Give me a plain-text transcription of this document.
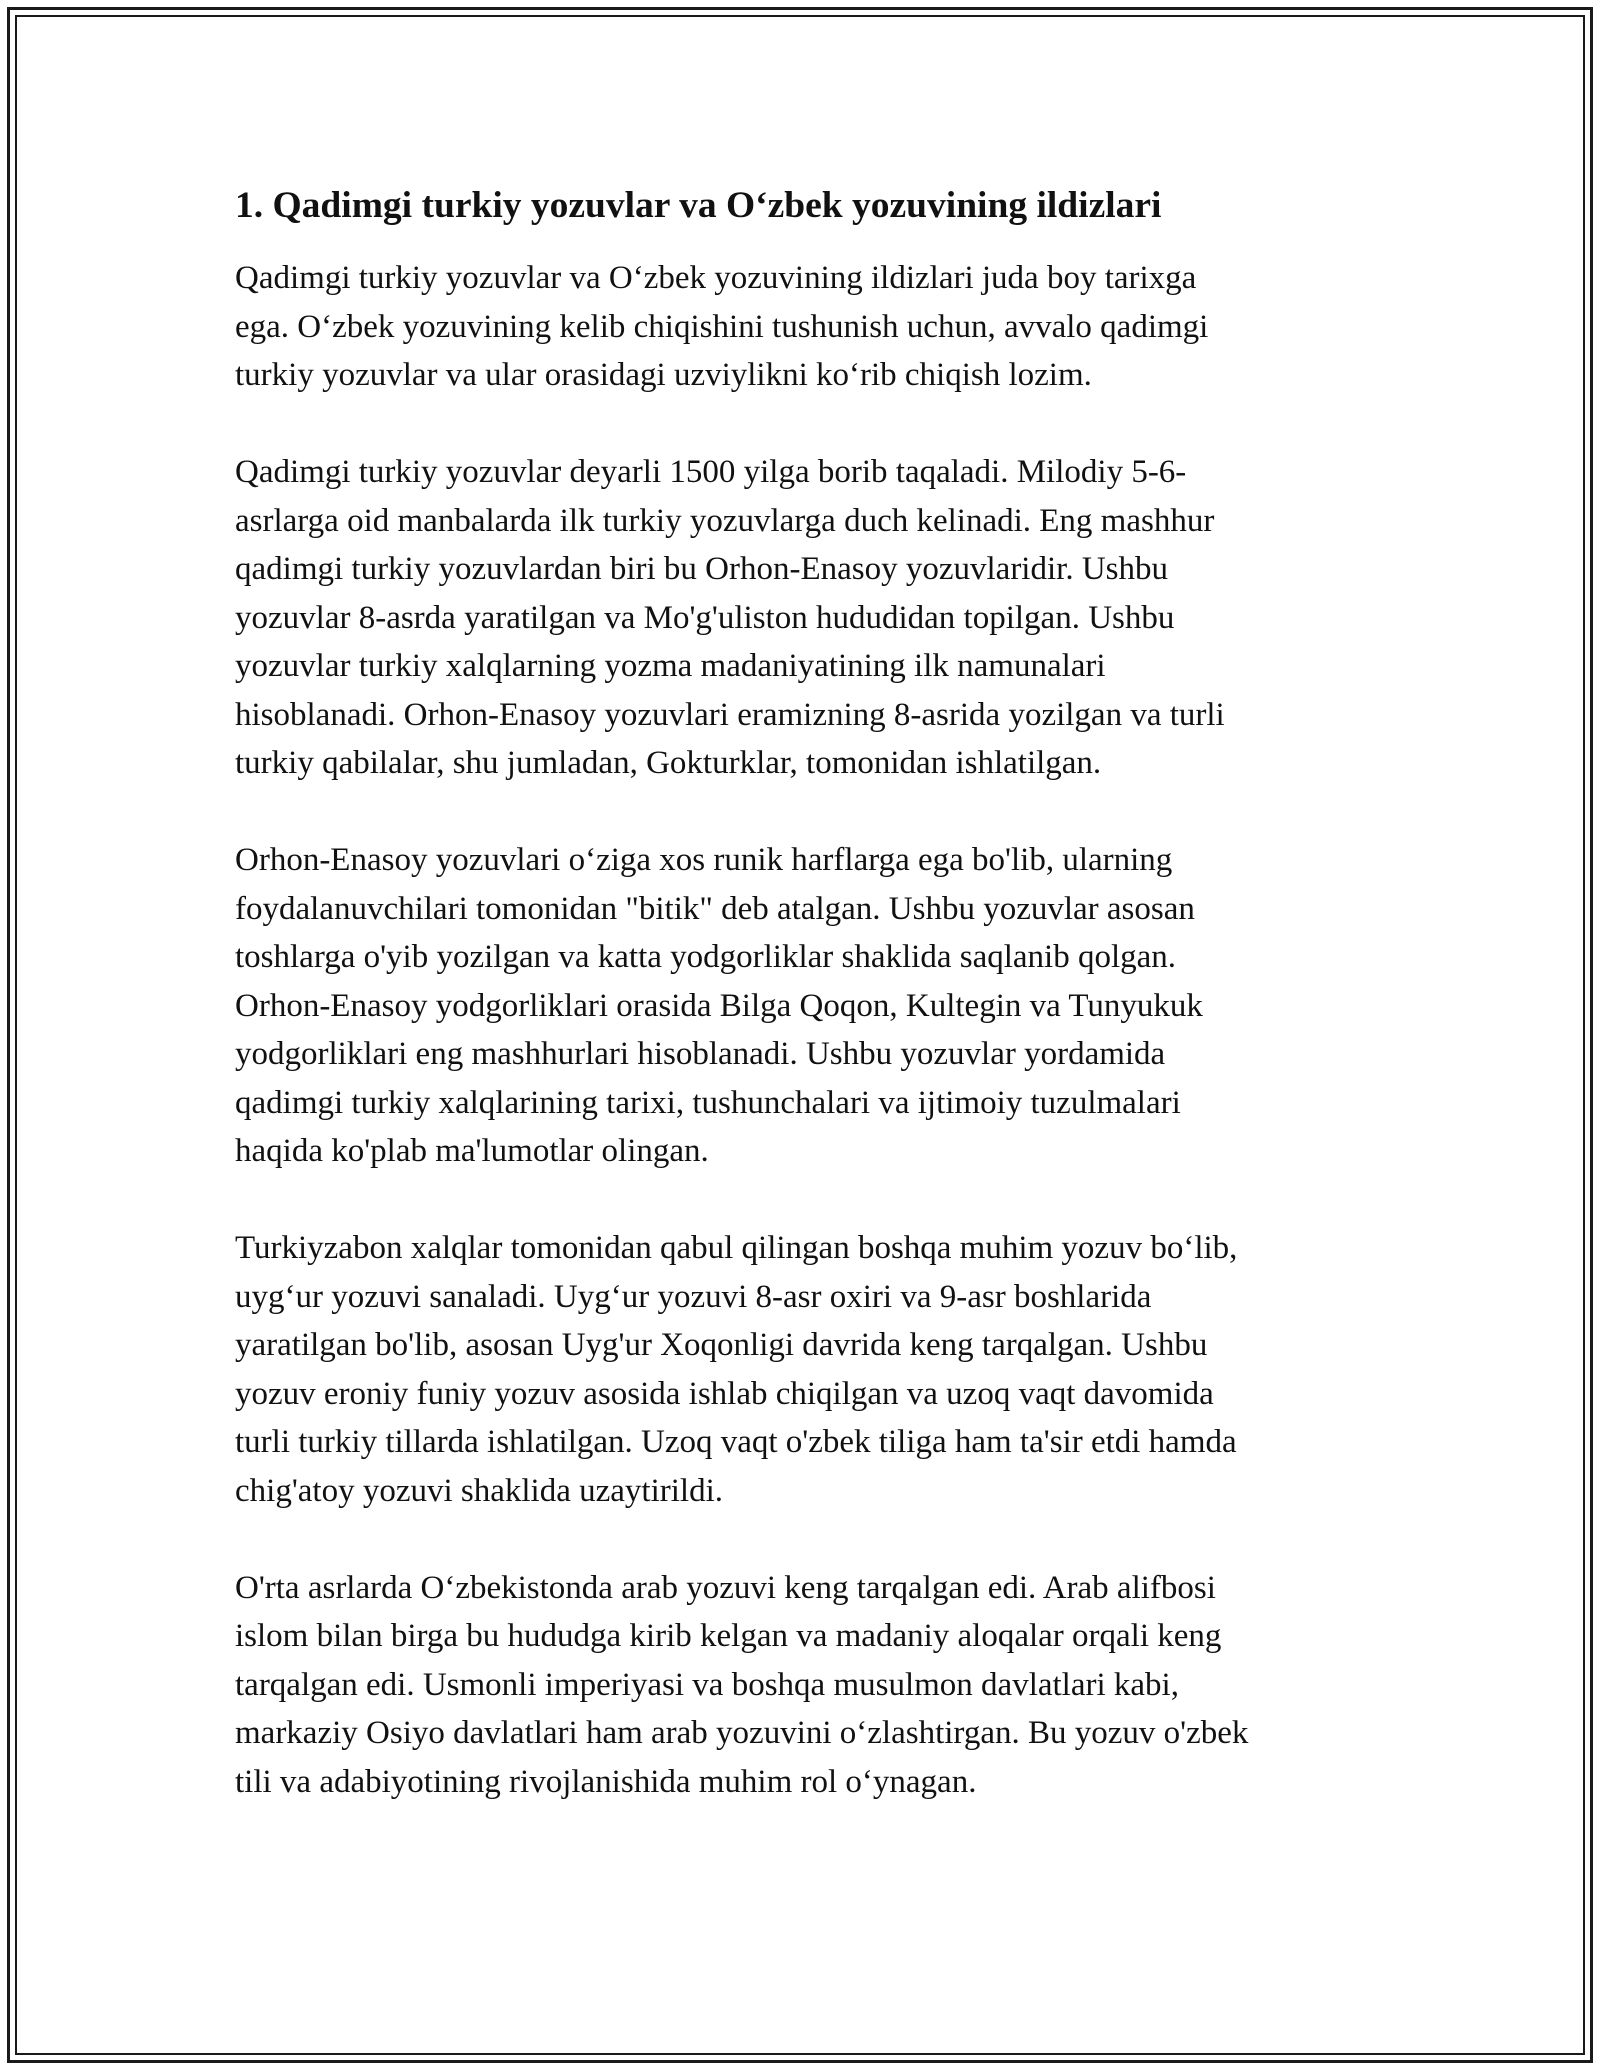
1. Qadimgi turkiy yozuvlar va O‘zbek yozuvining ildizlari

Qadimgi turkiy yozuvlar va O‘zbek yozuvining ildizlari juda boy tarixga
ega. O‘zbek yozuvining kelib chiqishini tushunish uchun, avvalo qadimgi
turkiy yozuvlar va ular orasidagi uzviylikni ko‘rib chiqish lozim.

Qadimgi turkiy yozuvlar deyarli 1500 yilga borib taqaladi. Milodiy 5-6-
asrlarga oid manbalarda ilk turkiy yozuvlarga duch kelinadi. Eng mashhur
qadimgi turkiy yozuvlardan biri bu Orhon-Enasoy yozuvlaridir. Ushbu
yozuvlar 8-asrda yaratilgan va Mo'g'uliston hududidan topilgan. Ushbu
yozuvlar turkiy xalqlarning yozma madaniyatining ilk namunalari
hisoblanadi. Orhon-Enasoy yozuvlari eramizning 8-asrida yozilgan va turli
turkiy qabilalar, shu jumladan, Gokturklar, tomonidan ishlatilgan.

Orhon-Enasoy yozuvlari o‘ziga xos runik harflarga ega bo'lib, ularning
foydalanuvchilari tomonidan "bitik" deb atalgan. Ushbu yozuvlar asosan
toshlarga o'yib yozilgan va katta yodgorliklar shaklida saqlanib qolgan.
Orhon-Enasoy yodgorliklari orasida Bilga Qoqon, Kultegin va Tunyukuk
yodgorliklari eng mashhurlari hisoblanadi. Ushbu yozuvlar yordamida
qadimgi turkiy xalqlarining tarixi, tushunchalari va ijtimoiy tuzulmalari
haqida ko'plab ma'lumotlar olingan.

Turkiyzabon xalqlar tomonidan qabul qilingan boshqa muhim yozuv bo‘lib,
uyg‘ur yozuvi sanaladi. Uyg‘ur yozuvi 8-asr oxiri va 9-asr boshlarida
yaratilgan bo'lib, asosan Uyg'ur Xoqonligi davrida keng tarqalgan. Ushbu
yozuv eroniy funiy yozuv asosida ishlab chiqilgan va uzoq vaqt davomida
turli turkiy tillarda ishlatilgan. Uzoq vaqt o'zbek tiliga ham ta'sir etdi hamda
chig'atoy yozuvi shaklida uzaytirildi.

O'rta asrlarda O‘zbekistonda arab yozuvi keng tarqalgan edi. Arab alifbosi
islom bilan birga bu hududga kirib kelgan va madaniy aloqalar orqali keng
tarqalgan edi. Usmonli imperiyasi va boshqa musulmon davlatlari kabi,
markaziy Osiyo davlatlari ham arab yozuvini o‘zlashtirgan. Bu yozuv o'zbek
tili va adabiyotining rivojlanishida muhim rol o‘ynagan.
